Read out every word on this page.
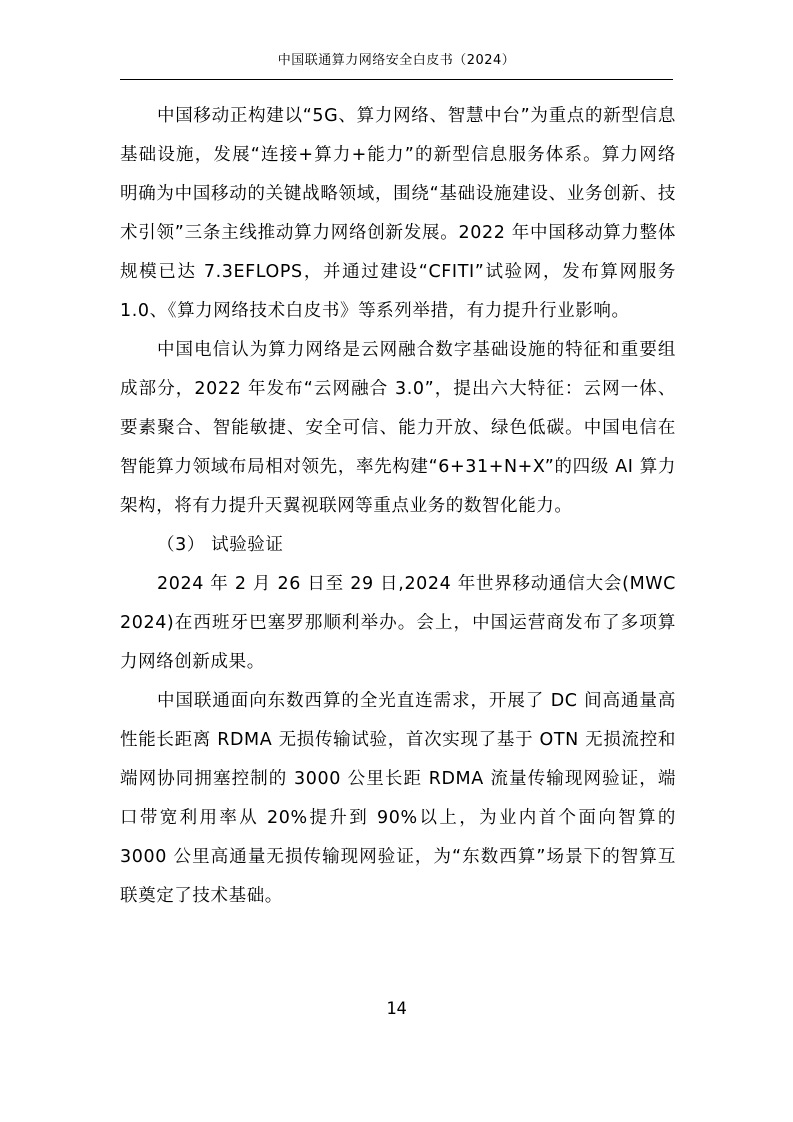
中国联通算力网络安全白皮书（2024）

中国移动正构建以“5G、算力网络、智慧中台”为重点的新型信息基础设施，发展“连接+算力+能力”的新型信息服务体系。算力网络明确为中国移动的关键战略领域，围绕“基础设施建设、业务创新、技术引领”三条主线推动算力网络创新发展。2022 年中国移动算力整体规模已达 7.3EFLOPS，并通过建设“CFITI”试验网，发布算网服务 1.0、《算力网络技术白皮书》等系列举措，有力提升行业影响。

中国电信认为算力网络是云网融合数字基础设施的特征和重要组成部分，2022 年发布“云网融合 3.0”，提出六大特征：云网一体、要素聚合、智能敏捷、安全可信、能力开放、绿色低碳。中国电信在智能算力领域布局相对领先，率先构建“6+31+N+X”的四级 AI 算力架构，将有力提升天翼视联网等重点业务的数智化能力。

（3） 试验验证

2024 年 2 月 26 日至 29 日,2024 年世界移动通信大会(MWC 2024)在西班牙巴塞罗那顺利举办。会上，中国运营商发布了多项算力网络创新成果。

中国联通面向东数西算的全光直连需求，开展了 DC 间高通量高性能长距离 RDMA 无损传输试验，首次实现了基于 OTN 无损流控和端网协同拥塞控制的 3000 公里长距 RDMA 流量传输现网验证，端口带宽利用率从 20%提升到 90%以上，为业内首个面向智算的 3000 公里高通量无损传输现网验证，为“东数西算”场景下的智算互联奠定了技术基础。

14
